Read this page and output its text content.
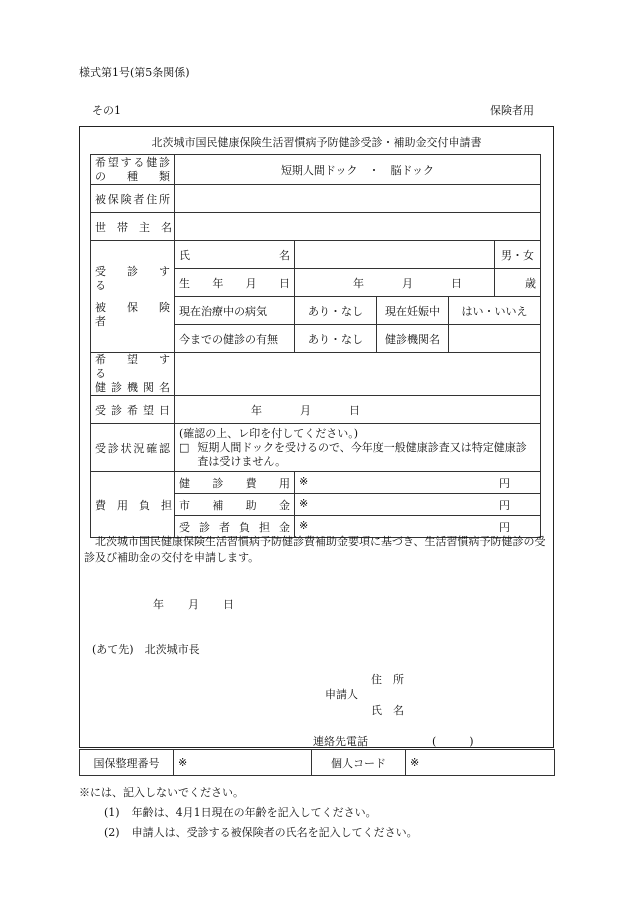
様式第1号(第5条関係)
その1	保険者用
北茨城市国民健康保険生活習慣病予防健診受診・補助金交付申請書
希望する健診
の　種　類	短期人間ドック　・　脳ドック				
被保険者住所					
世　帯　主　名					

受　診　す　る
被　保　険　者	氏名				男・女
	生年月日	年 月 日			歳
	現在治療中の病気	あり・なし	現在妊娠中	はい・いいえ	
	今までの健診の有無	あり・なし	健診機関名		

希　望　す　る
健診機関名					

受診希望日	年 月 日				
受診状況確認	(確認の上、レ印を付してください。)
□ 短期人間ドックを受けるので、今年度一般健康診査又は特定健康診査は受けません。				

費　用　負　担	健診費用	※ 円			

	市補助金	※ 円			

	受診者負担金	※ 円			
北茨城市国民健康保険生活習慣病予防健診費補助金要項に基づき、生活習慣病予防健診の受診及び補助金の交付を申請します。
年 月 日
(あて先)　北茨城市長
住　所
申請人
氏　名
連絡先電話	(　　　)
国保整理番号	※	個人コード	※
※には、記入しないでください。
(1) 年齢は、4月1日現在の年齢を記入してください。
(2) 申請人は、受診する被保険者の氏名を記入してください。
